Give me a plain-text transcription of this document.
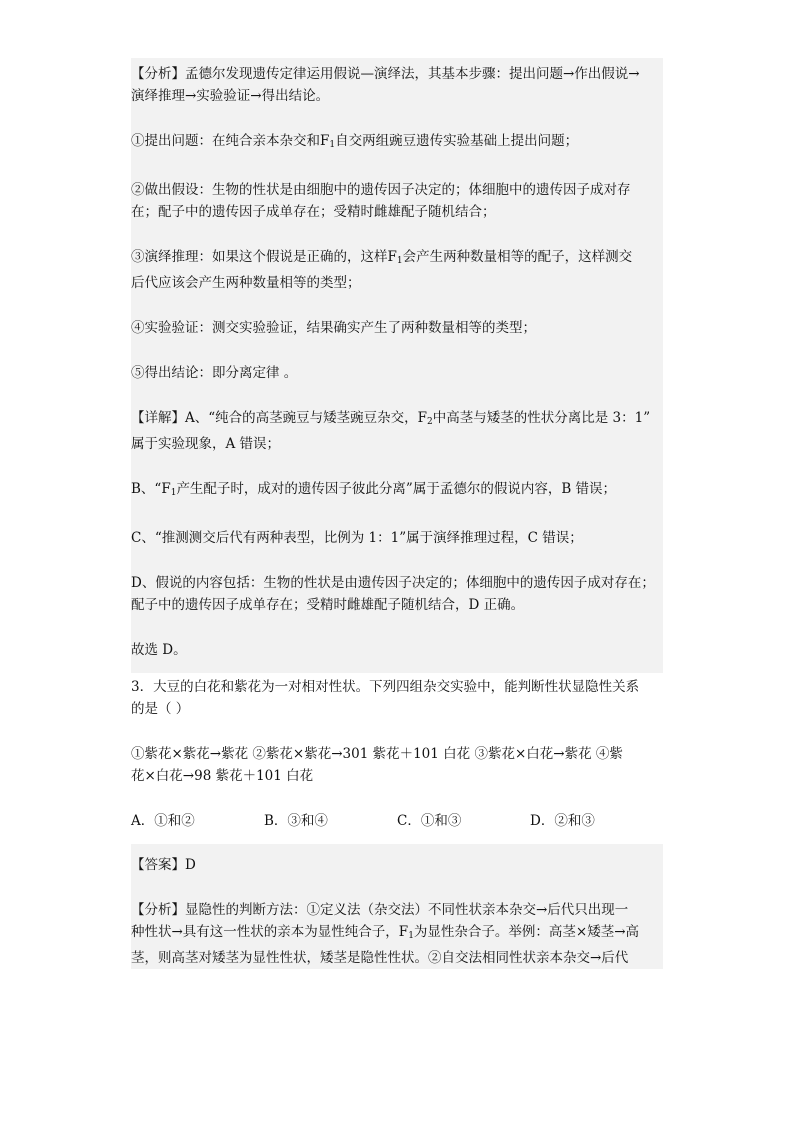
【分析】孟德尔发现遗传定律运用假说—演绎法，其基本步骤：提出问题→作出假说→
演绎推理→实验验证→得出结论。
①提出问题：在纯合亲本杂交和$F_1$自交两组豌豆遗传实验基础上提出问题；
②做出假设：生物的性状是由细胞中的遗传因子决定的；体细胞中的遗传因子成对存
在；配子中的遗传因子成单存在；受精时雌雄配子随机结合；
③演绎推理：如果这个假说是正确的，这样$F_1$会产生两种数量相等的配子，这样测交
后代应该会产生两种数量相等的类型；
④实验验证：测交实验验证，结果确实产生了两种数量相等的类型；
⑤得出结论：即分离定律 。
【详解】A、“纯合的高茎豌豆与矮茎豌豆杂交，$F_2$中高茎与矮茎的性状分离比是 3：1”
属于实验现象，A 错误；
B、“$F_1$产生配子时，成对的遗传因子彼此分离”属于孟德尔的假说内容，B 错误；
C、“推测测交后代有两种表型，比例为 1：1”属于演绎推理过程，C 错误；
D、假说的内容包括：生物的性状是由遗传因子决定的；体细胞中的遗传因子成对存在；
配子中的遗传因子成单存在；受精时雌雄配子随机结合，D 正确。
故选 D。
3．大豆的白花和紫花为一对相对性状。下列四组杂交实验中，能判断性状显隐性关系
的是（ ）
①紫花×紫花→紫花 ②紫花×紫花→301 紫花＋101 白花 ③紫花×白花→紫花 ④紫
花×白花→98 紫花＋101 白花
A．①和②	B．③和④	C．①和③	D．②和③
【答案】D
【分析】显隐性的判断方法：①定义法（杂交法）不同性状亲本杂交→后代只出现一
种性状→具有这一性状的亲本为显性纯合子，$F_1$为显性杂合子。举例：高茎×矮茎→高
茎，则高茎对矮茎为显性性状，矮茎是隐性性状。②自交法相同性状亲本杂交→后代
